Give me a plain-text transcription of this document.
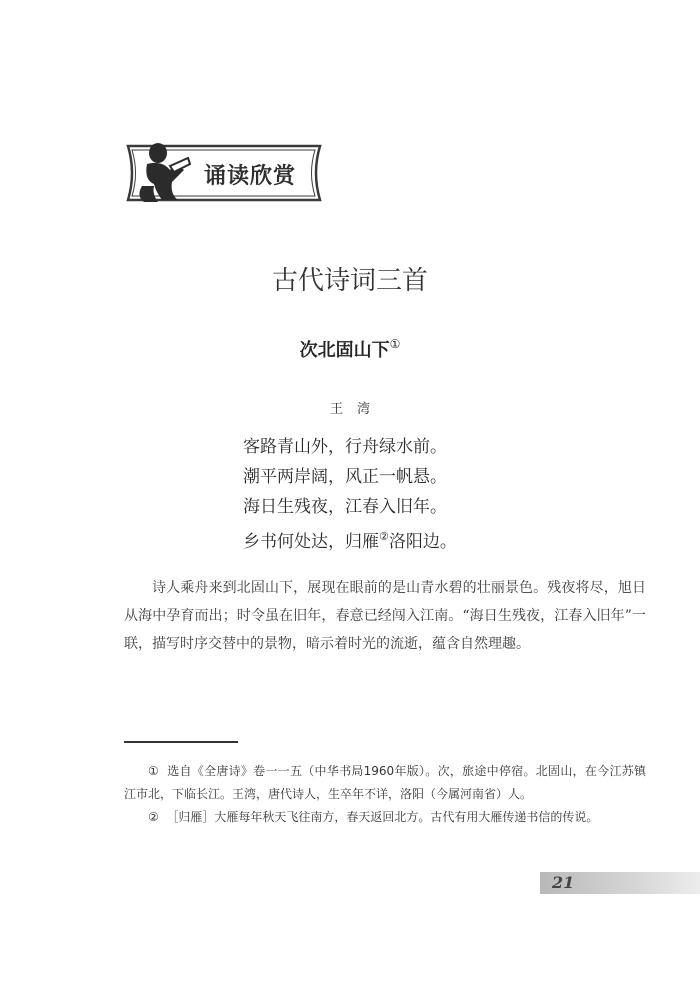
诵读欣赏
古代诗词三首
次北固山下①
王湾
客路青山外，行舟绿水前。
潮平两岸阔，风正一帆悬。
海日生残夜，江春入旧年。
乡书何处达，归雁②洛阳边。

诗人乘舟来到北固山下，展现在眼前的是山青水碧的壮丽景色。残夜将尽，旭日从海中孕育而出；时令虽在旧年，春意已经闯入江南。“海日生残夜，江春入旧年”一联，描写时序交替中的景物，暗示着时光的流逝，蕴含自然理趣。

① 选自《全唐诗》卷一一五（中华书局1960年版）。次，旅途中停宿。北固山，在今江苏镇江市北，下临长江。王湾，唐代诗人，生卒年不详，洛阳（今属河南省）人。

② ［归雁］大雁每年秋天飞往南方，春天返回北方。古代有用大雁传递书信的传说。

21
